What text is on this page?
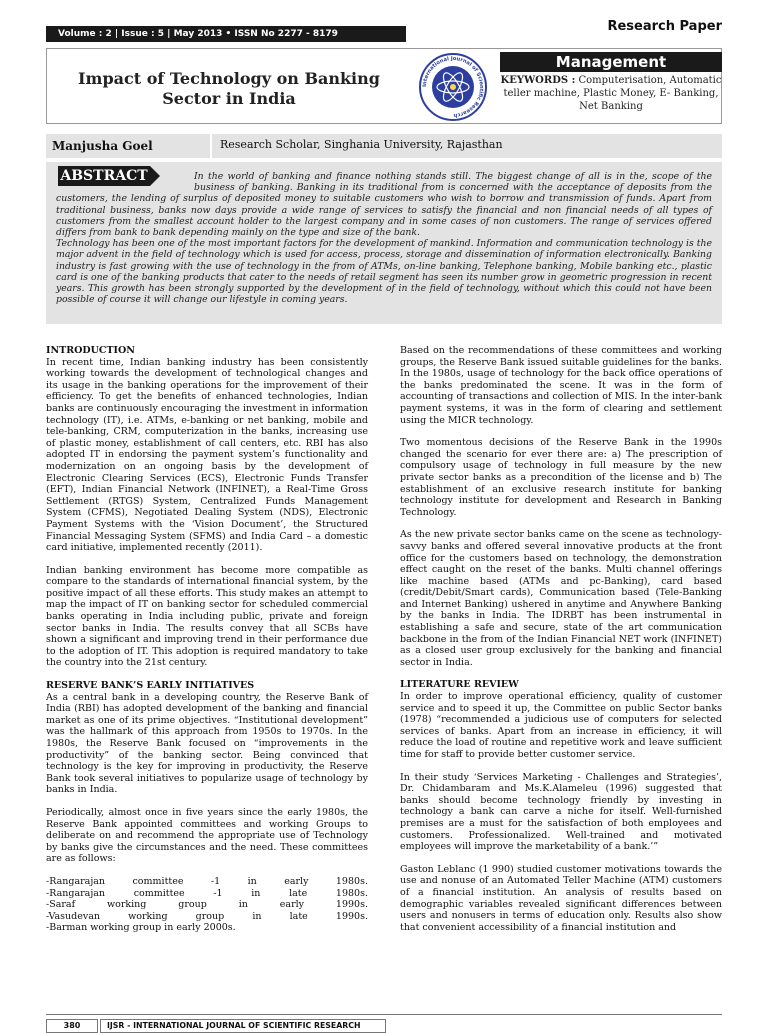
Volume : 2 | Issue : 5 | May 2013 • ISSN No 2277 - 8179	Research Paper
Impact of Technology on Banking Sector in India
International Journal of Scientific Research
Management
KEYWORDS : Computerisation, Automatic teller machine, Plastic Money, E- Banking, Net Banking
Manjusha Goel	Research Scholar, Singhania University, Rajasthan

In the world of banking and finance nothing stands still. The biggest change of all is in the, scope of the business of banking. Banking in its traditional from is concerned with the acceptance of deposits from the customers, the lending of surplus of deposited money to suitable customers who wish to borrow and transmission of funds. Apart from traditional business, banks now days provide a wide range of services to satisfy the financial and non financial needs of all types of customers from the smallest account holder to the largest company and in some cases of non customers. The range of services offered differs from bank to bank depending mainly on the type and size of the bank.

Technology has been one of the most important factors for the development of mankind. Information and communication technology is the major advent in the field of technology which is used for access, process, storage and dissemination of information electronically. Banking industry is fast growing with the use of technology in the from of ATMs, on-line banking, Telephone banking, Mobile banking etc., plastic card is one of the banking products that cater to the needs of retail segment has seen its number grow in geometric progression in recent years. This growth has been strongly supported by the development of in the field of technology, without which this could not have been possible of course it will change our lifestyle in coming years.

ABSTRACT
INTRODUCTION

In recent time, Indian banking industry has been consistently working towards the development of technological changes and its usage in the banking operations for the improvement of their efficiency. To get the benefits of enhanced technologies, Indian banks are continuously encouraging the investment in information technology (IT), i.e. ATMs, e-banking or net banking, mobile and tele-banking, CRM, computerization in the banks, increasing use of plastic money, establishment of call centers, etc. RBI has also adopted IT in endorsing the payment system’s functionality and modernization on an ongoing basis by the development of Electronic Clearing Services (ECS), Electronic Funds Transfer (EFT), Indian Financial Network (INFINET), a Real-Time Gross Settlement (RTGS) System, Centralized Funds Management System (CFMS), Negotiated Dealing System (NDS), Electronic Payment Systems with the ‘Vision Document’, the Structured Financial Messaging System (SFMS) and India Card – a domestic card initiative, implemented recently (2011).

Indian banking environment has become more compatible as compare to the standards of international financial system, by the positive impact of all these efforts. This study makes an attempt to map the impact of IT on banking sector for scheduled commercial banks operating in India including public, private and foreign sector banks in India. The results convey that all SCBs have shown a significant and improving trend in their performance due to the adoption of IT. This adoption is required mandatory to take the country into the 21st century.

RESERVE BANK’S EARLY INITIATIVES

As a central bank in a developing country, the Reserve Bank of India (RBI) has adopted development of the banking and financial market as one of its prime objectives. “Institutional development” was the hallmark of this approach from 1950s to 1970s. In the 1980s, the Reserve Bank focused on “improvements in the productivity” of the banking sector. Being convinced that technology is the key for improving in productivity, the Reserve Bank took several initiatives to popularize usage of technology by banks in India.

Periodically, almost once in five years since the early 1980s, the Reserve Bank appointed committees and working Groups to deliberate on and recommend the appropriate use of Technology by banks give the circumstances and the need. These committees are as follows:

-Rangarajan	committee	-1	in	early	1980s.
-Rangarajan	committee	-1	in	late	1980s.
-Saraf	working	group	in	early	1990s.
-Vasudevan	working	group	in	late	1990s.
-Barman working group in early 2000s.

Based on the recommendations of these committees and working groups, the Reserve Bank issued suitable guidelines for the banks. In the 1980s, usage of technology for the back office operations of the banks predominated the scene. It was in the form of accounting of transactions and collection of MIS. In the inter-bank payment systems, it was in the form of clearing and settlement using the MICR technology.

Two momentous decisions of the Reserve Bank in the 1990s changed the scenario for ever there are: a) The prescription of compulsory usage of technology in full measure by the new private sector banks as a precondition of the license and b) The establishment of an exclusive research institute for banking technology institute for development and Research in Banking Technology.

As the new private sector banks came on the scene as technology-savvy banks and offered several innovative products at the front office for the customers based on technology, the demonstration effect caught on the reset of the banks. Multi channel offerings like machine based (ATMs and pc-Banking), card based (credit/Debit/Smart cards), Communication based (Tele-Banking and Internet Banking) ushered in anytime and Anywhere Banking by the banks in India. The IDRBT has been instrumental in establishing a safe and secure, state of the art communication backbone in the from of the Indian Financial NET work (INFINET) as a closed user group exclusively for the banking and financial sector in India.

LITERATURE REVIEW

In order to improve operational efficiency, quality of customer service and to speed it up, the Committee on public Sector banks (1978) “recommended a judicious use of computers for selected services of banks. Apart from an increase in efficiency, it will reduce the load of routine and repetitive work and leave sufficient time for staff to provide better customer service.

In their study ‘Services Marketing - Challenges and Strategies’, Dr. Chidambaram and Ms.K.Alameleu (1996) suggested that banks should become technology friendly by investing in technology a bank can carve a niche for itself. Well-furnished premises are a must for the satisfaction of both employees and customers. Professionalized. Well-trained and motivated employees will improve the marketability of a bank.’”

Gaston Leblanc (1 990) studied customer motivations towards the use and nonuse of an Automated Teller Machine (ATM) customers of a financial institution. An analysis of results based on demographic variables revealed significant differences between users and nonusers in terms of education only. Results also show that convenient accessibility of a financial institution and

380	IJSR - INTERNATIONAL JOURNAL OF SCIENTIFIC RESEARCH
